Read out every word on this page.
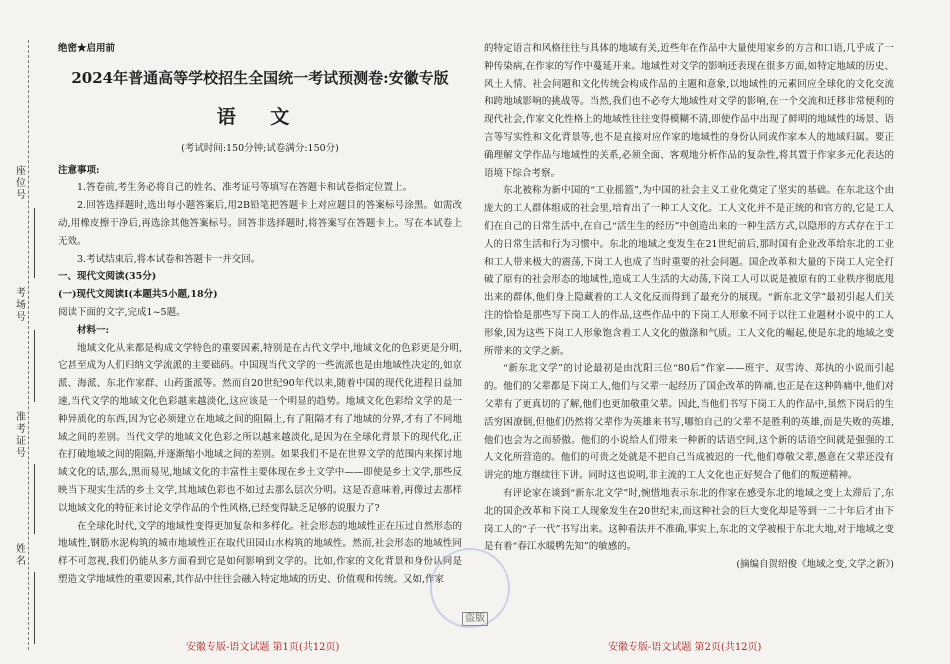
座位号
考场号
准考证号
姓名
绝密★启用前
2024年普通高等学校招生全国统一考试预测卷:安徽专版
语 文
(考试时间:150分钟;试卷满分:150分)
注意事项:
1.答卷前,考生务必将自己的姓名、准考证号等填写在答题卡和试卷指定位置上。
2.回答选择题时,选出每小题答案后,用2B铅笔把答题卡上对应题目的答案标号涂黑。如需改动,用橡皮擦干净后,再选涂其他答案标号。回答非选择题时,将答案写在答题卡上。写在本试卷上无效。
3.考试结束后,将本试卷和答题卡一并交回。
一、现代文阅读(35分)
(一)现代文阅读Ⅰ(本题共5小题,18分)
阅读下面的文字,完成1~5题。
材料一:
地域文化从来都是构成文学特色的重要因素,特别是在古代文学中,地域文化的色彩更是分明,它甚至成为人们归纳文学流派的主要础码。中国现当代文学的一些流派也是由地域性决定的,如京派、海派、东北作家群、山药蛋派等。然而自20世纪90年代以来,随着中国的现代化进程日益加速,当代文学的地域文化色彩越来越淡化,这应该是一个明显的趋势。地域文化色彩给文学的是一种异质化的东西,因为它必须建立在地域之间的阻隔上,有了阻隔才有了地域的分界,才有了不同地域之间的差别。当代文学的地域文化色彩之所以越来越淡化,是因为在全球化背景下的现代化,正在打破地域之间的阻隔,并逐渐缩小地域之间的差别。如果我们不是在世界文学的范围内来探讨地域文化的话,那么,黑而易见,地域文化的丰富性主要体现在乡土文学中——即使是乡土文学,那些反映当下现实生活的乡土文学,其地域色彩也不如过去那么层次分明。这是否意味着,再像过去那样以地域文化的特征来讨论文学作品的个性风格,已经变得缺乏足够的说服力了?
在全球化时代,文学的地域性变得更加复杂和多样化。社会形态的地域性正在压过自然形态的地域性,钢筋水泥构筑的城市地域性正在取代田园山水构筑的地域性。然而,社会形态的地域性同样不可忽视,我们仍能从多方面看到它是如何影响到文学的。比如,作家的文化背景和身份认同是塑造文学地域性的重要因素,其作品中往往会融入特定地域的历史、价值观和传统。又如,作家
的特定语言和风格往往与具体的地域有关,近些年在作品中大量使用家乡的方言和口语,几乎成了一种传染病,在作家的写作中蔓延开来。地域性对文学的影响还表现在很多方面,如特定地域的历史、风土人情、社会问题和文化传统会构成作品的主题和意象,以地域性的元素回应全球化的文化交流和跨地域影响的挑战等。当然,我们也不必夸大地域性对文学的影响,在一个交流和迁移非常便利的现代社会,作家文化性格上的地域性往往变得模糊不清,即使作品中出现了鲜明的地域性的场景、语言等写实性和文化背景等,也不是直接对应作家的地域性的身份认同或作家本人的地域归属。要正确理解文学作品与地域性的关系,必须全面、客观地分析作品的复杂性,将其置于作家多元化表达的语境下综合考察。
东北被称为新中国的“工业摇篮”,为中国的社会主义工业化奠定了坚实的基础。在东北这个由庞大的工人群体组成的社会里,培育出了一种工人文化。工人文化并不是正统的和官方的,它是工人们在自己的日常生活中,在自己“活生生的经历”中创造出来的一种生活方式,以隐形的方式存在于工人的日常生活和行为习惯中。东北的地域之变发生在21世纪前后,那时国有企业改革给东北的工业和工人带来极大的震荡,下岗工人也成了当时重要的社会问题。国企改革和大量的下岗工人完全打破了原有的社会形态的地域性,造成工人生活的大动荡,下岗工人可以说是被原有的工业秩序彻底甩出来的群体,他们身上隐藏着的工人文化反而得到了最充分的展现。“新东北文学”最初引起人们关注的恰恰是那些写下岗工人的作品,这些作品中的下岗工人形象不同于以往工业题材小说中的工人形象,因为这些下岗工人形象饱含着工人文化的傲涤和气质。工人文化的崛起,使是东北的地域之变所带来的文学之新。
“新东北文学”的讨论最初是由沈阳三位“80后”作家——班宇、双雪涛、郑执的小说而引起的。他们的父辈都是下岗工人,他们与父辈一起经历了国企改革的阵痛,也正是在这种阵痛中,他们对父辈有了更真切的了解,他们也更加敬重父辈。因此,当他们书写下岗工人的作品中,虽然下岗后的生活穷困潦倒,但他们仍然将父辈作为英雄来书写,哪怕自己的父辈不是胜利的英雄,而是失败的英雄,他们也会为之而骄傲。他们的小说给人们带来一种新的话语空间,这个新的话语空间就是强强的工人文化所营造的。他们的可贵之处就是不把自己当成被迟的一代,他们尊敬父辈,愚意在父辈还没有讲完的地方继续往下讲。同时这也说明,非主流的工人文化也正好契合了他们的叛逆精神。
有评论家在谈到“新东北文学”时,惋惜地表示东北的作家在感受东北的地域之变上太滞后了,东北的国企改革和下岗工人现象发生在20世纪末,而这种社会的巨大变化却是等到一二十年后才由下岗工人的“子一代”书写出来。这种看法并不准确,事实上,东北的文学被根于东北大地,对于地域之变是有着“春江水暖鸭先知”的敏感的。
(摘编自贺绍俊《地域之变,文学之新》)
盗版
安徽专版-语文试题 第1页(共12页)	安徽专版-语文试题 第2页(共12页)
